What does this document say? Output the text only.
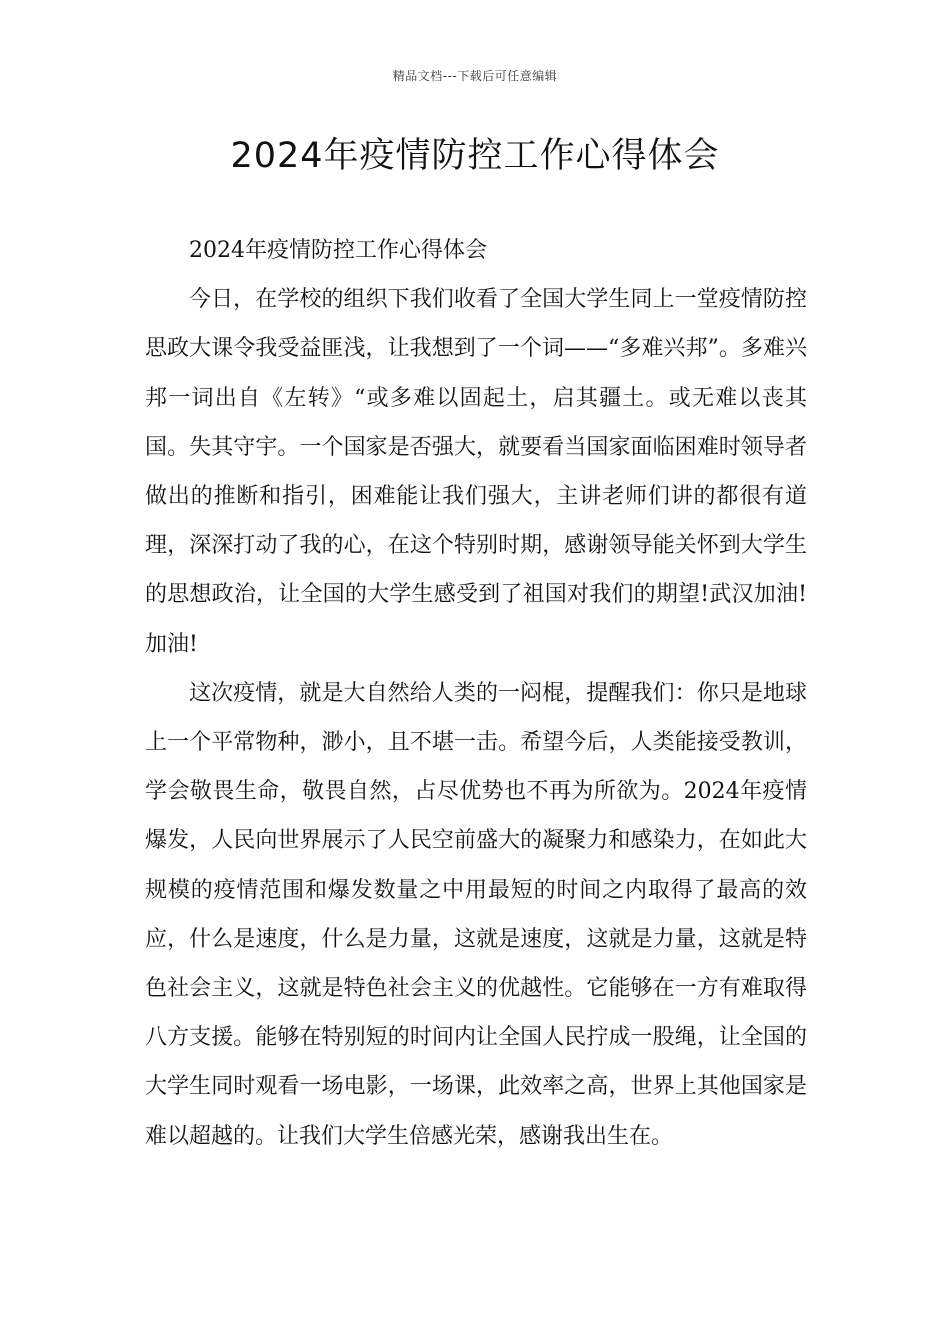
精品文档---下载后可任意编辑
2024年疫情防控工作心得体会

2024年疫情防控工作心得体会

今日，在学校的组织下我们收看了全国大学生同上一堂疫情防控思政大课令我受益匪浅，让我想到了一个词——“多难兴邦”。多难兴邦一词出自《左转》“或多难以固起土，启其疆土。或无难以丧其国。失其守宇。一个国家是否强大，就要看当国家面临困难时领导者做出的推断和指引，困难能让我们强大，主讲老师们讲的都很有道理，深深打动了我的心，在这个特别时期，感谢领导能关怀到大学生的思想政治，让全国的大学生感受到了祖国对我们的期望!武汉加油!加油!

这次疫情，就是大自然给人类的一闷棍，提醒我们：你只是地球上一个平常物种，渺小，且不堪一击。希望今后，人类能接受教训，学会敬畏生命，敬畏自然，占尽优势也不再为所欲为。2024年疫情爆发，人民向世界展示了人民空前盛大的凝聚力和感染力，在如此大规模的疫情范围和爆发数量之中用最短的时间之内取得了最高的效应，什么是速度，什么是力量，这就是速度，这就是力量，这就是特色社会主义，这就是特色社会主义的优越性。它能够在一方有难取得八方支援。能够在特别短的时间内让全国人民拧成一股绳，让全国的大学生同时观看一场电影，一场课，此效率之高，世界上其他国家是难以超越的。让我们大学生倍感光荣，感谢我出生在。
